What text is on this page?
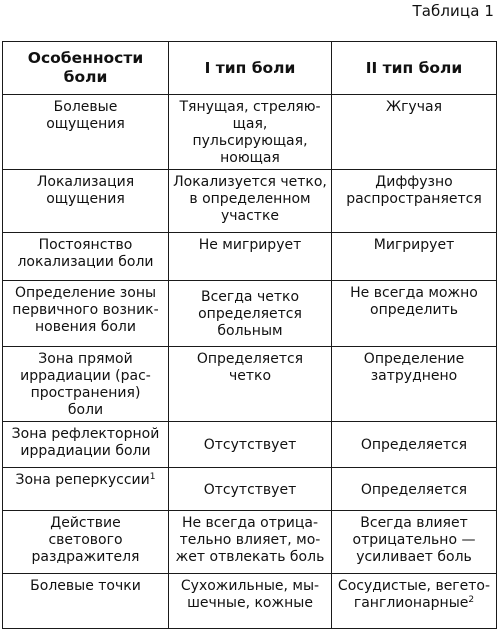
Таблица 1
Особенности боли	I тип боли	II тип боли
Болевые ощущения	Тянущая, стреляю-щая, пульсирующая, ноющая	Жгучая
Локализация ощущения	Локализуется четко, в определенном участке	Диффузно распространяется
Постоянство локализации боли	Не мигрирует	Мигрирует
Определение зоны первичного возник-новения боли	Всегда четко определяется больным	Не всегда можно определить
Зона прямой иррадиации (рас-пространения) боли	Определяется четко	Определение затруднено
Зона рефлекторной иррадиации боли	Отсутствует	Определяется
Зона реперкуссии$^1$	Отсутствует	Определяется
Действие светового раздражителя	Не всегда отрица-тельно влияет, мо-жет отвлекать боль	Всегда влияет отрицательно — усиливает боль
Болевые точки	Сухожильные, мы-шечные, кожные	Сосудистые, вегето-ганглионарные$^2$
